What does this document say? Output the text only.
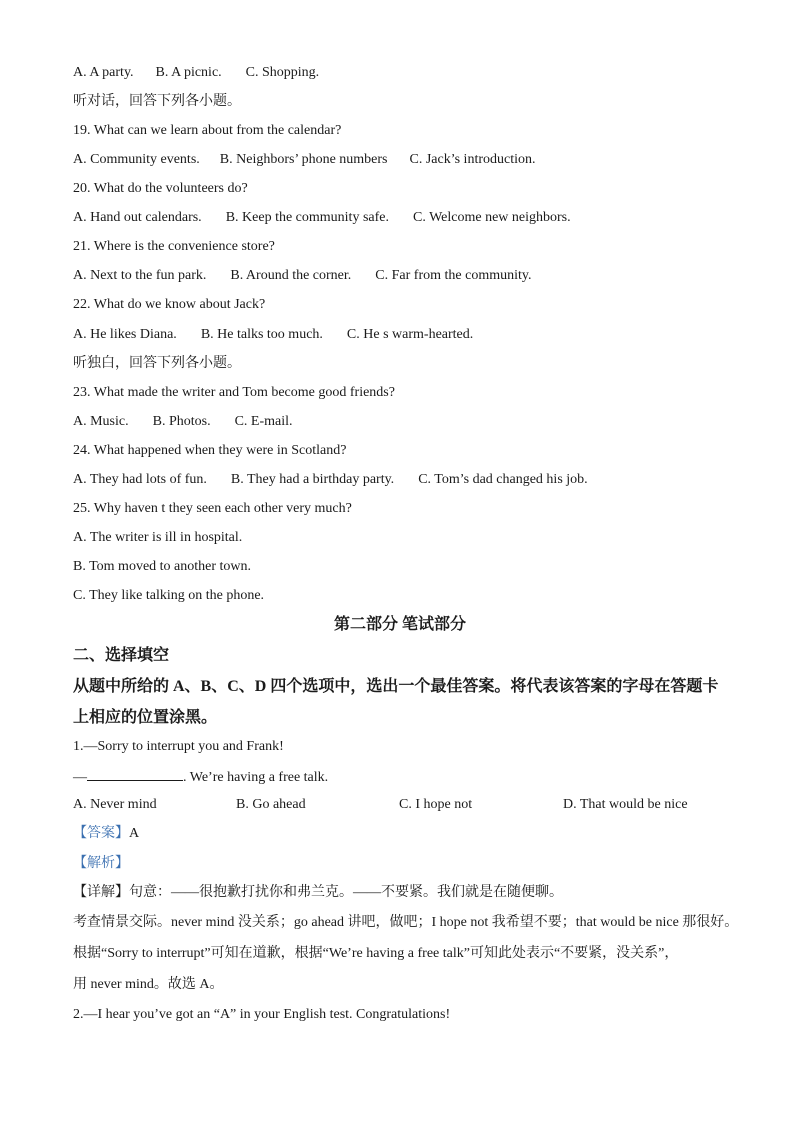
A. A party. B. A picnic. C. Shopping.
听对话，回答下列各小题。
19. What can we learn about from the calendar?
A. Community events. B. Neighbors’ phone numbers C. Jack’s introduction.
20. What do the volunteers do?
A. Hand out calendars. B. Keep the community safe. C. Welcome new neighbors.
21. Where is the convenience store?
A. Next to the fun park. B. Around the corner. C. Far from the community.
22. What do we know about Jack?
A. He likes Diana. B. He talks too much. C. He s warm-hearted.
听独白，回答下列各小题。
23. What made the writer and Tom become good friends?
A. Music. B. Photos. C. E-mail.
24. What happened when they were in Scotland?
A. They had lots of fun. B. They had a birthday party. C. Tom’s dad changed his job.
25. Why haven t they seen each other very much?
A. The writer is ill in hospital.
B. Tom moved to another town.
C. They like talking on the phone.
第二部分 笔试部分
二、选择填空
从题中所给的 A、B、C、D 四个选项中，选出一个最佳答案。将代表该答案的字母在答题卡
上相应的位置涂黑。
1.—Sorry to interrupt you and Frank!
—	. We’re having a free talk.
A. Never mind	B. Go ahead	C. I hope not	D. That would be nice
【答案】A
【解析】
【详解】句意：——很抱歉打扰你和弗兰克。——不要紧。我们就是在随便聊。
考查情景交际。never mind 没关系；go ahead 讲吧，做吧；I hope not 我希望不要；that would be nice 那很好。
根据“Sorry to interrupt”可知在道歉，根据“We’re having a free talk”可知此处表示“不要紧，没关系”，
用 never mind。故选 A。
2.—I hear you’ve got an “A” in your English test. Congratulations!
